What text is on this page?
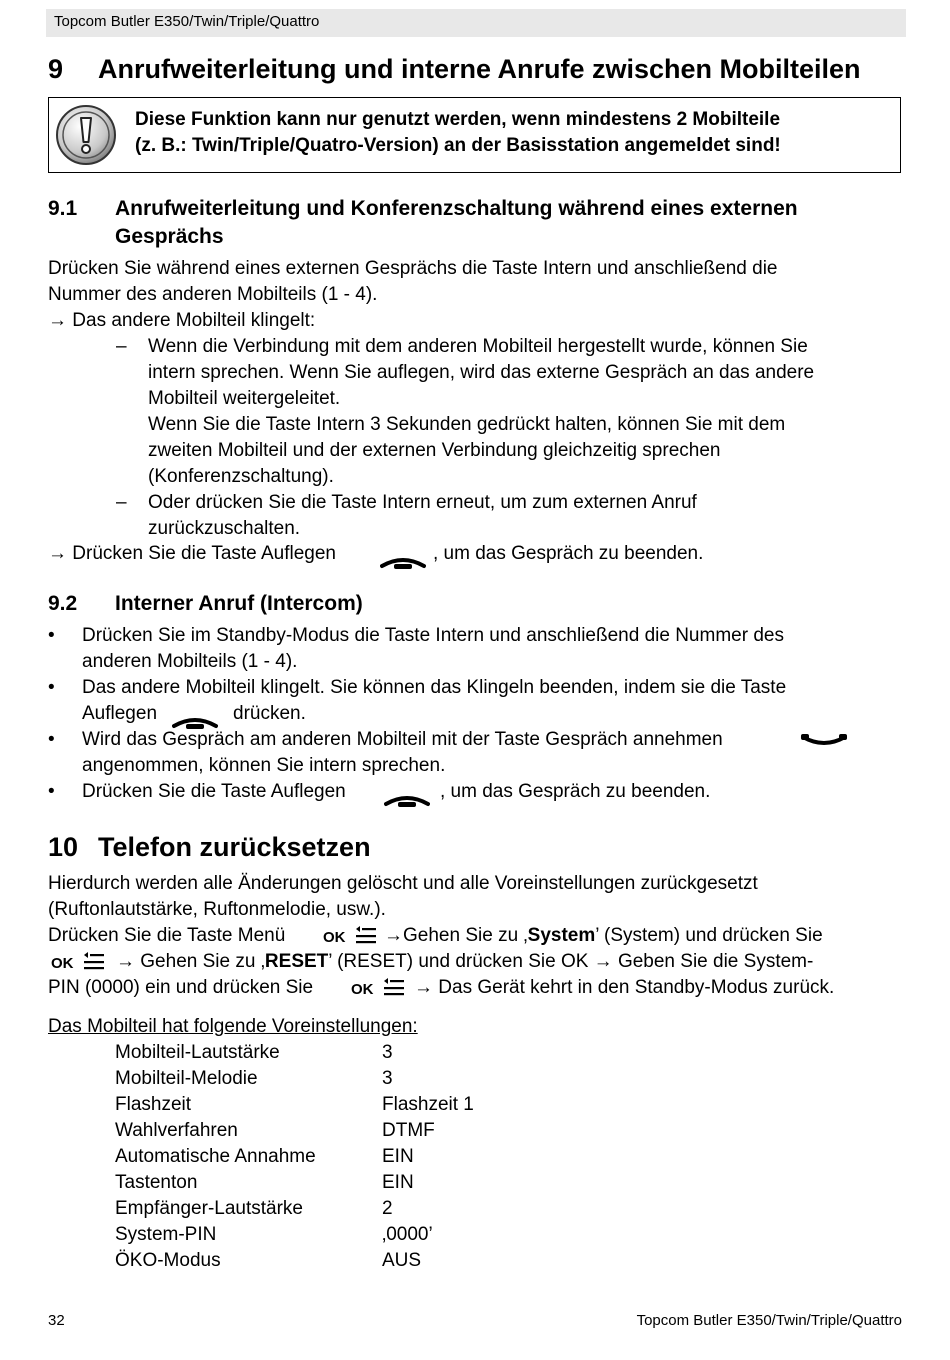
Topcom Butler E350/Twin/Triple/Quattro
9 Anrufweiterleitung und interne Anrufe zwischen Mobilteilen
Diese Funktion kann nur genutzt werden, wenn mindestens 2 Mobilteile
(z. B.: Twin/Triple/Quatro-Version) an der Basisstation angemeldet sind!
9.1 Anrufweiterleitung und Konferenzschaltung während eines externen
Gesprächs
Drücken Sie während eines externen Gesprächs die Taste Intern und anschließend die
Nummer des anderen Mobilteils (1 - 4).
→ Das andere Mobilteil klingelt:
– Wenn die Verbindung mit dem anderen Mobilteil hergestellt wurde, können Sie
intern sprechen. Wenn Sie auflegen, wird das externe Gespräch an das andere
Mobilteil weitergeleitet.
Wenn Sie die Taste Intern 3 Sekunden gedrückt halten, können Sie mit dem
zweiten Mobilteil und der externen Verbindung gleichzeitig sprechen
(Konferenzschaltung).
– Oder drücken Sie die Taste Intern erneut, um zum externen Anruf
zurückzuschalten.
→ Drücken Sie die Taste Auflegen	, um das Gespräch zu beenden.
9.2 Interner Anruf (Intercom)
• Drücken Sie im Standby-Modus die Taste Intern und anschließend die Nummer des
anderen Mobilteils (1 - 4).
• Das andere Mobilteil klingelt. Sie können das Klingeln beenden, indem sie die Taste
Auflegen	drücken.
• Wird das Gespräch am anderen Mobilteil mit der Taste Gespräch annehmen
angenommen, können Sie intern sprechen.
• Drücken Sie die Taste Auflegen	, um das Gespräch zu beenden.
10 Telefon zurücksetzen
Hierdurch werden alle Änderungen gelöscht und alle Voreinstellungen zurückgesetzt
(Ruftonlautstärke, Ruftonmelodie, usw.).
Drücken Sie die Taste Menü	OK →Gehen Sie zu ‚System’ (System) und drücken Sie
OK → Gehen Sie zu ‚RESET’ (RESET) und drücken Sie OK → Geben Sie die System-
PIN (0000) ein und drücken Sie	OK → Das Gerät kehrt in den Standby-Modus zurück.
Das Mobilteil hat folgende Voreinstellungen:
Mobilteil-Lautstärke	3
Mobilteil-Melodie	3
Flashzeit	Flashzeit 1
Wahlverfahren	DTMF
Automatische Annahme	EIN
Tastenton	EIN
Empfänger-Lautstärke	2
System-PIN	‚0000’
ÖKO-Modus	AUS
32	Topcom Butler E350/Twin/Triple/Quattro
